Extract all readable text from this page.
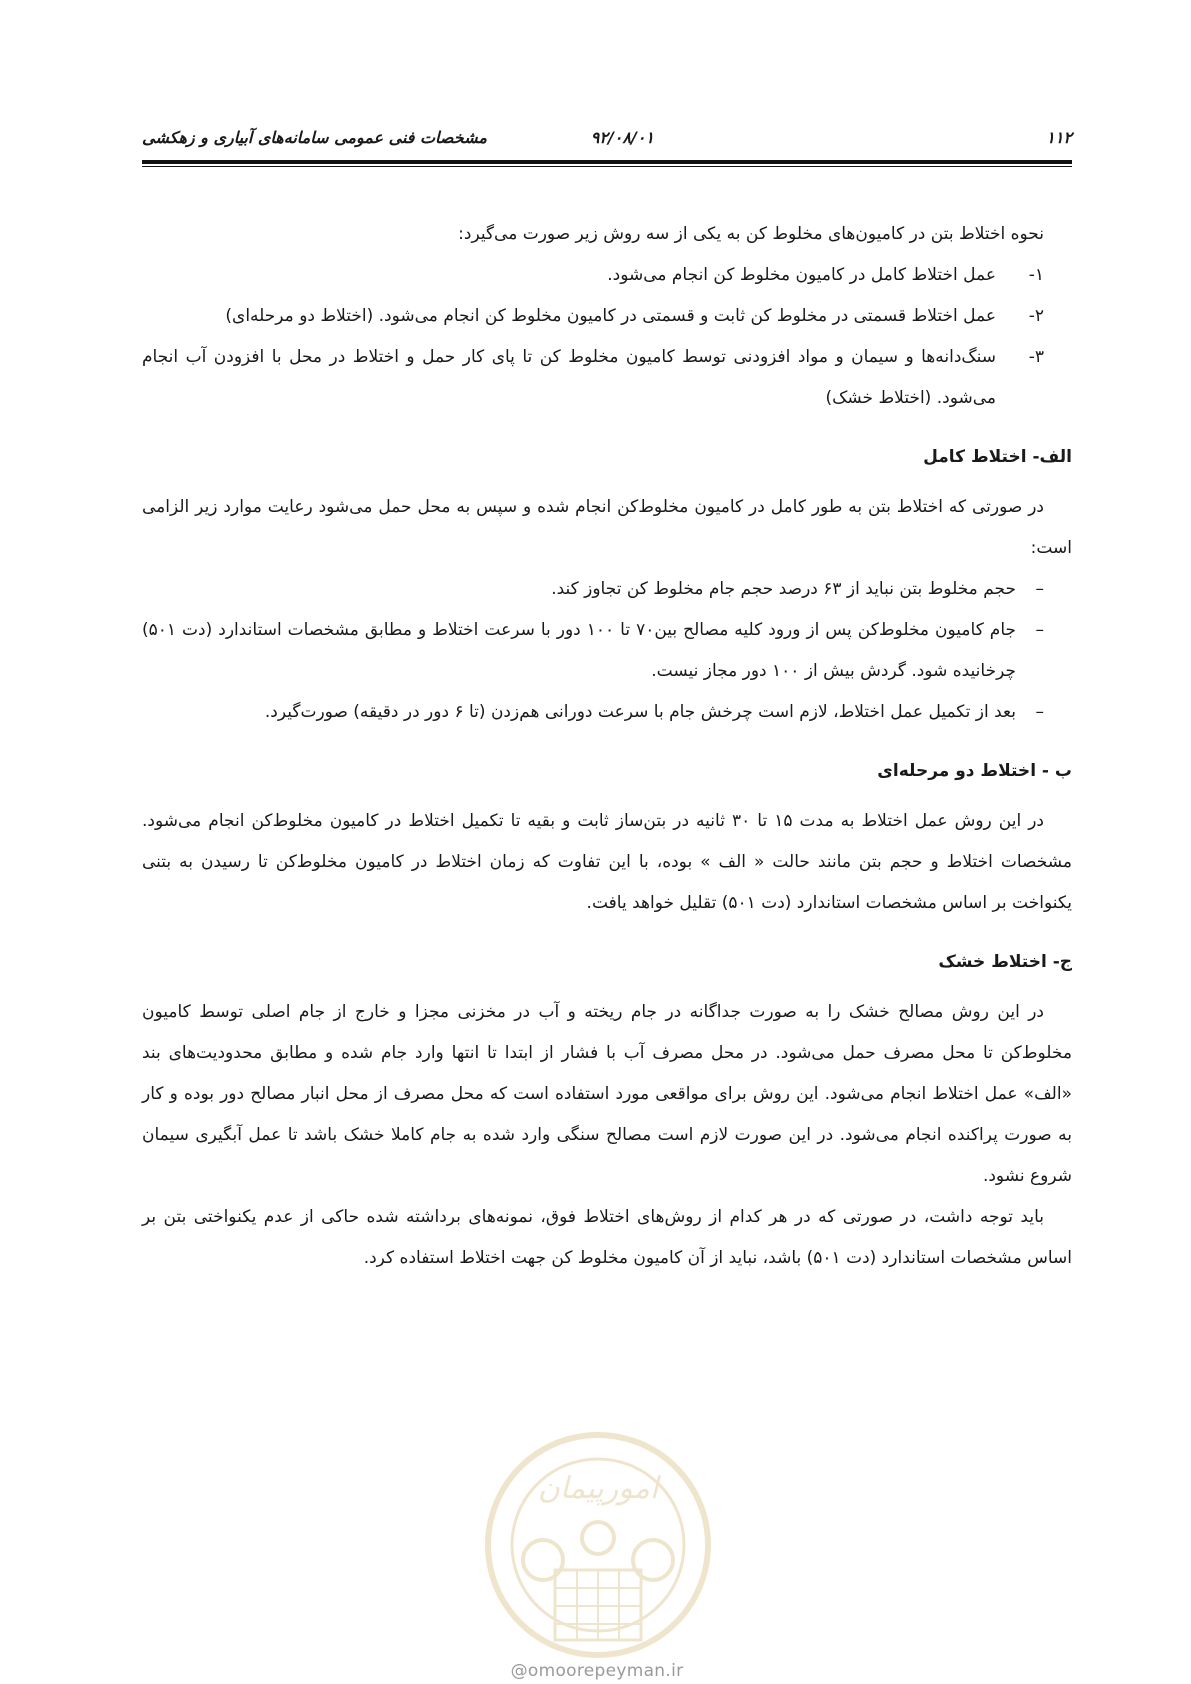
۱۱۲
۹۲/۰۸/۰۱
مشخصات فنی عمومی سامانه‌های آبیاری و زهکشی

نحوه اختلاط بتن در کامیون‌های مخلوط کن به یکی از سه روش زیر صورت می‌گیرد:

۱-
عمل اختلاط کامل در کامیون مخلوط کن انجام می‌شود.
۲-
عمل اختلاط قسمتی در مخلوط کن ثابت و قسمتی در کامیون مخلوط کن انجام می‌شود. (اختلاط دو مرحله‌ای)
۳-
سنگ‌دانه‌ها و سیمان و مواد افزودنی توسط کامیون مخلوط کن تا پای کار حمل و اختلاط در محل با افزودن آب انجام می‌شود. (اختلاط خشک)
الف- اختلاط کامل

در صورتی که اختلاط بتن به طور کامل در کامیون مخلوط‌کن انجام شده و سپس به محل حمل می‌شود رعایت موارد زیر الزامی است:

– حجم مخلوط بتن نباید از ۶۳ درصد حجم جام مخلوط کن تجاوز کند.
– جام کامیون مخلوط‌کن پس از ورود کلیه مصالح بین۷۰ تا ۱۰۰ دور با سرعت اختلاط و مطابق مشخصات استاندارد (دت ۵۰۱) چرخانیده شود. گردش بیش از ۱۰۰ دور مجاز نیست.
– بعد از تکمیل عمل اختلاط، لازم است چرخش جام با سرعت دورانی هم‌زدن (تا ۶ دور در دقیقه) صورت‌گیرد.
ب - اختلاط دو مرحله‌ای

در این روش عمل اختلاط به مدت ۱۵ تا ۳۰ ثانیه در بتن‌ساز ثابت و بقیه تا تکمیل اختلاط در کامیون مخلوط‌کن انجام می‌شود. مشخصات اختلاط و حجم بتن مانند حالت « الف » بوده، با این تفاوت که زمان اختلاط در کامیون مخلوط‌کن تا رسیدن به بتنی یکنواخت بر اساس مشخصات استاندارد (دت ۵۰۱) تقلیل خواهد یافت.

ج- اختلاط خشک

در این روش مصالح خشک را به صورت جداگانه در جام ریخته و آب در مخزنی مجزا و خارج از جام اصلی توسط کامیون مخلوط‌کن تا محل مصرف حمل می‌شود. در محل مصرف آب با فشار از ابتدا تا انتها وارد جام شده و مطابق محدودیت‌های بند «الف» عمل اختلاط انجام می‌شود. این روش برای مواقعی مورد استفاده است که محل مصرف از محل انبار مصالح دور بوده و کار به صورت پراکنده انجام می‌شود. در این صورت لازم است مصالح سنگی وارد شده به جام کاملا خشک باشد تا عمل آبگیری سیمان شروع نشود.

باید توجه داشت، در صورتی که در هر کدام از روش‌های اختلاط فوق، نمونه‌های برداشته شده حاکی از عدم یکنواختی بتن بر اساس مشخصات استاندارد (دت ۵۰۱) باشد، نباید از آن کامیون مخلوط کن جهت اختلاط استفاده کرد.

امورپیمان
@omoorepeyman.ir
